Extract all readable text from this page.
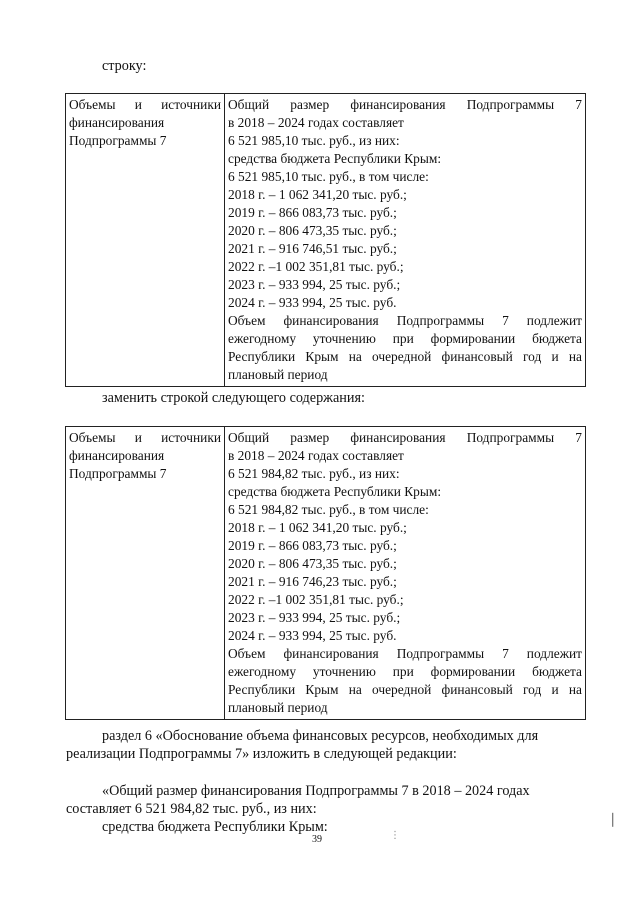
строку:
Объемы и источники
финансирования
Подпрограммы 7
Общий размер финансирования Подпрограммы 7
в 2018 – 2024 годах составляет
6 521 985,10 тыс. руб., из них:
средства бюджета Республики Крым:
6 521 985,10 тыс. руб., в том числе:
2018 г. – 1 062 341,20 тыс. руб.;
2019 г. – 866 083,73 тыс. руб.;
2020 г. – 806 473,35 тыс. руб.;
2021 г. – 916 746,51 тыс. руб.;
2022 г. –1 002 351,81 тыс. руб.;
2023 г. – 933 994, 25 тыс. руб.;
2024 г. – 933 994, 25 тыс. руб.
Объем финансирования Подпрограммы 7 подлежит
ежегодному уточнению при формировании бюджета
Республики Крым на очередной финансовый год и на
плановый период
заменить строкой следующего содержания:
Объемы и источники
финансирования
Подпрограммы 7
Общий размер финансирования Подпрограммы 7
в 2018 – 2024 годах составляет
6 521 984,82 тыс. руб., из них:
средства бюджета Республики Крым:
6 521 984,82 тыс. руб., в том числе:
2018 г. – 1 062 341,20 тыс. руб.;
2019 г. – 866 083,73 тыс. руб.;
2020 г. – 806 473,35 тыс. руб.;
2021 г. – 916 746,23 тыс. руб.;
2022 г. –1 002 351,81 тыс. руб.;
2023 г. – 933 994, 25 тыс. руб.;
2024 г. – 933 994, 25 тыс. руб.
Объем финансирования Подпрограммы 7 подлежит
ежегодному уточнению при формировании бюджета
Республики Крым на очередной финансовый год и на
плановый период
раздел 6 «Обоснование объема финансовых ресурсов, необходимых для
реализации Подпрограммы 7» изложить в следующей редакции:
«Общий размер финансирования Подпрограммы 7 в 2018 – 2024 годах
составляет 6 521 984,82 тыс. руб., из них:
средства бюджета Республики Крым:
39
⎸
⋮
